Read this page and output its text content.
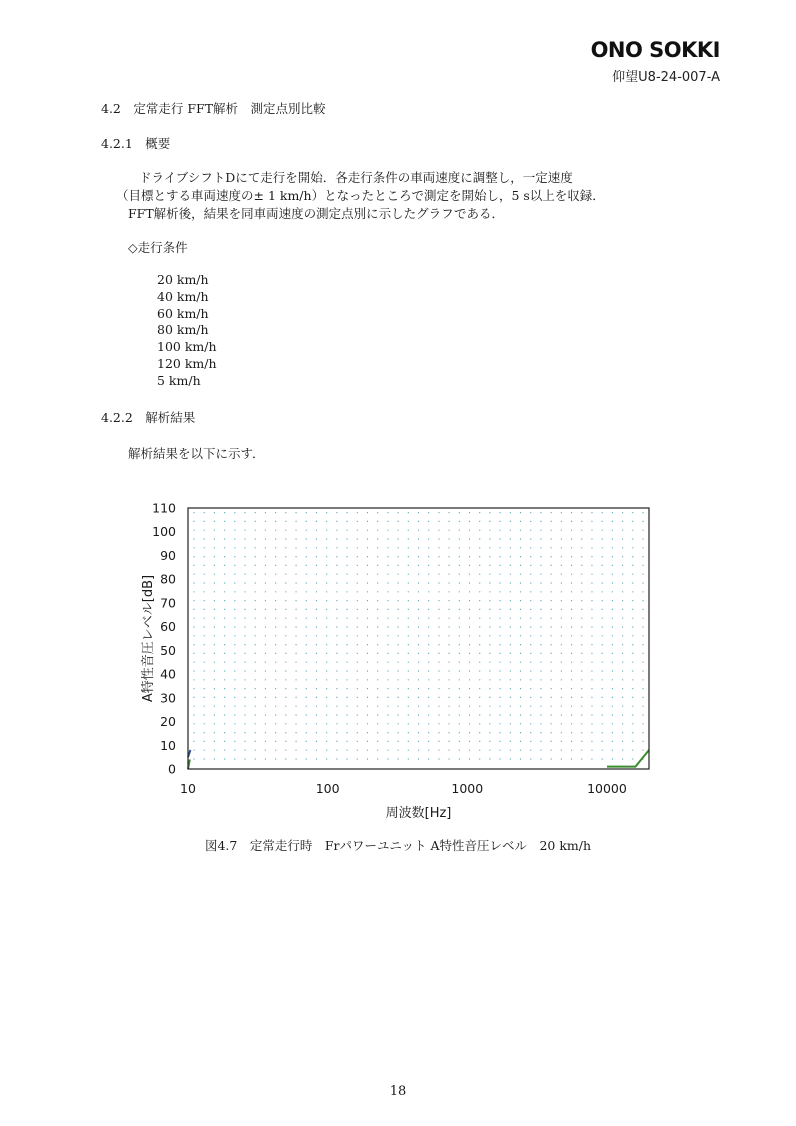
ONO SOKKI
仰望U8-24-007-A
4.2　定常走行 FFT解析　測定点別比較
4.2.1　概要
ドライブシフトDにて走行を開始．各走行条件の車両速度に調整し，一定速度
（目標とする車両速度の± 1 km/h）となったところで測定を開始し，5 s以上を収録．
FFT解析後，結果を同車両速度の測定点別に示したグラフである．
◇走行条件
20 km/h
40 km/h
60 km/h
80 km/h
100 km/h
120 km/h
5 km/h
4.2.2　解析結果
解析結果を以下に示す．
0
10
20
30
40
50
60
70
80
90
100
110
10	100	1000	10000
周波数[Hz]
A特性音圧レベル[dB]
図4.7　定常走行時　Frパワーユニット A特性音圧レベル　20 km/h
18
